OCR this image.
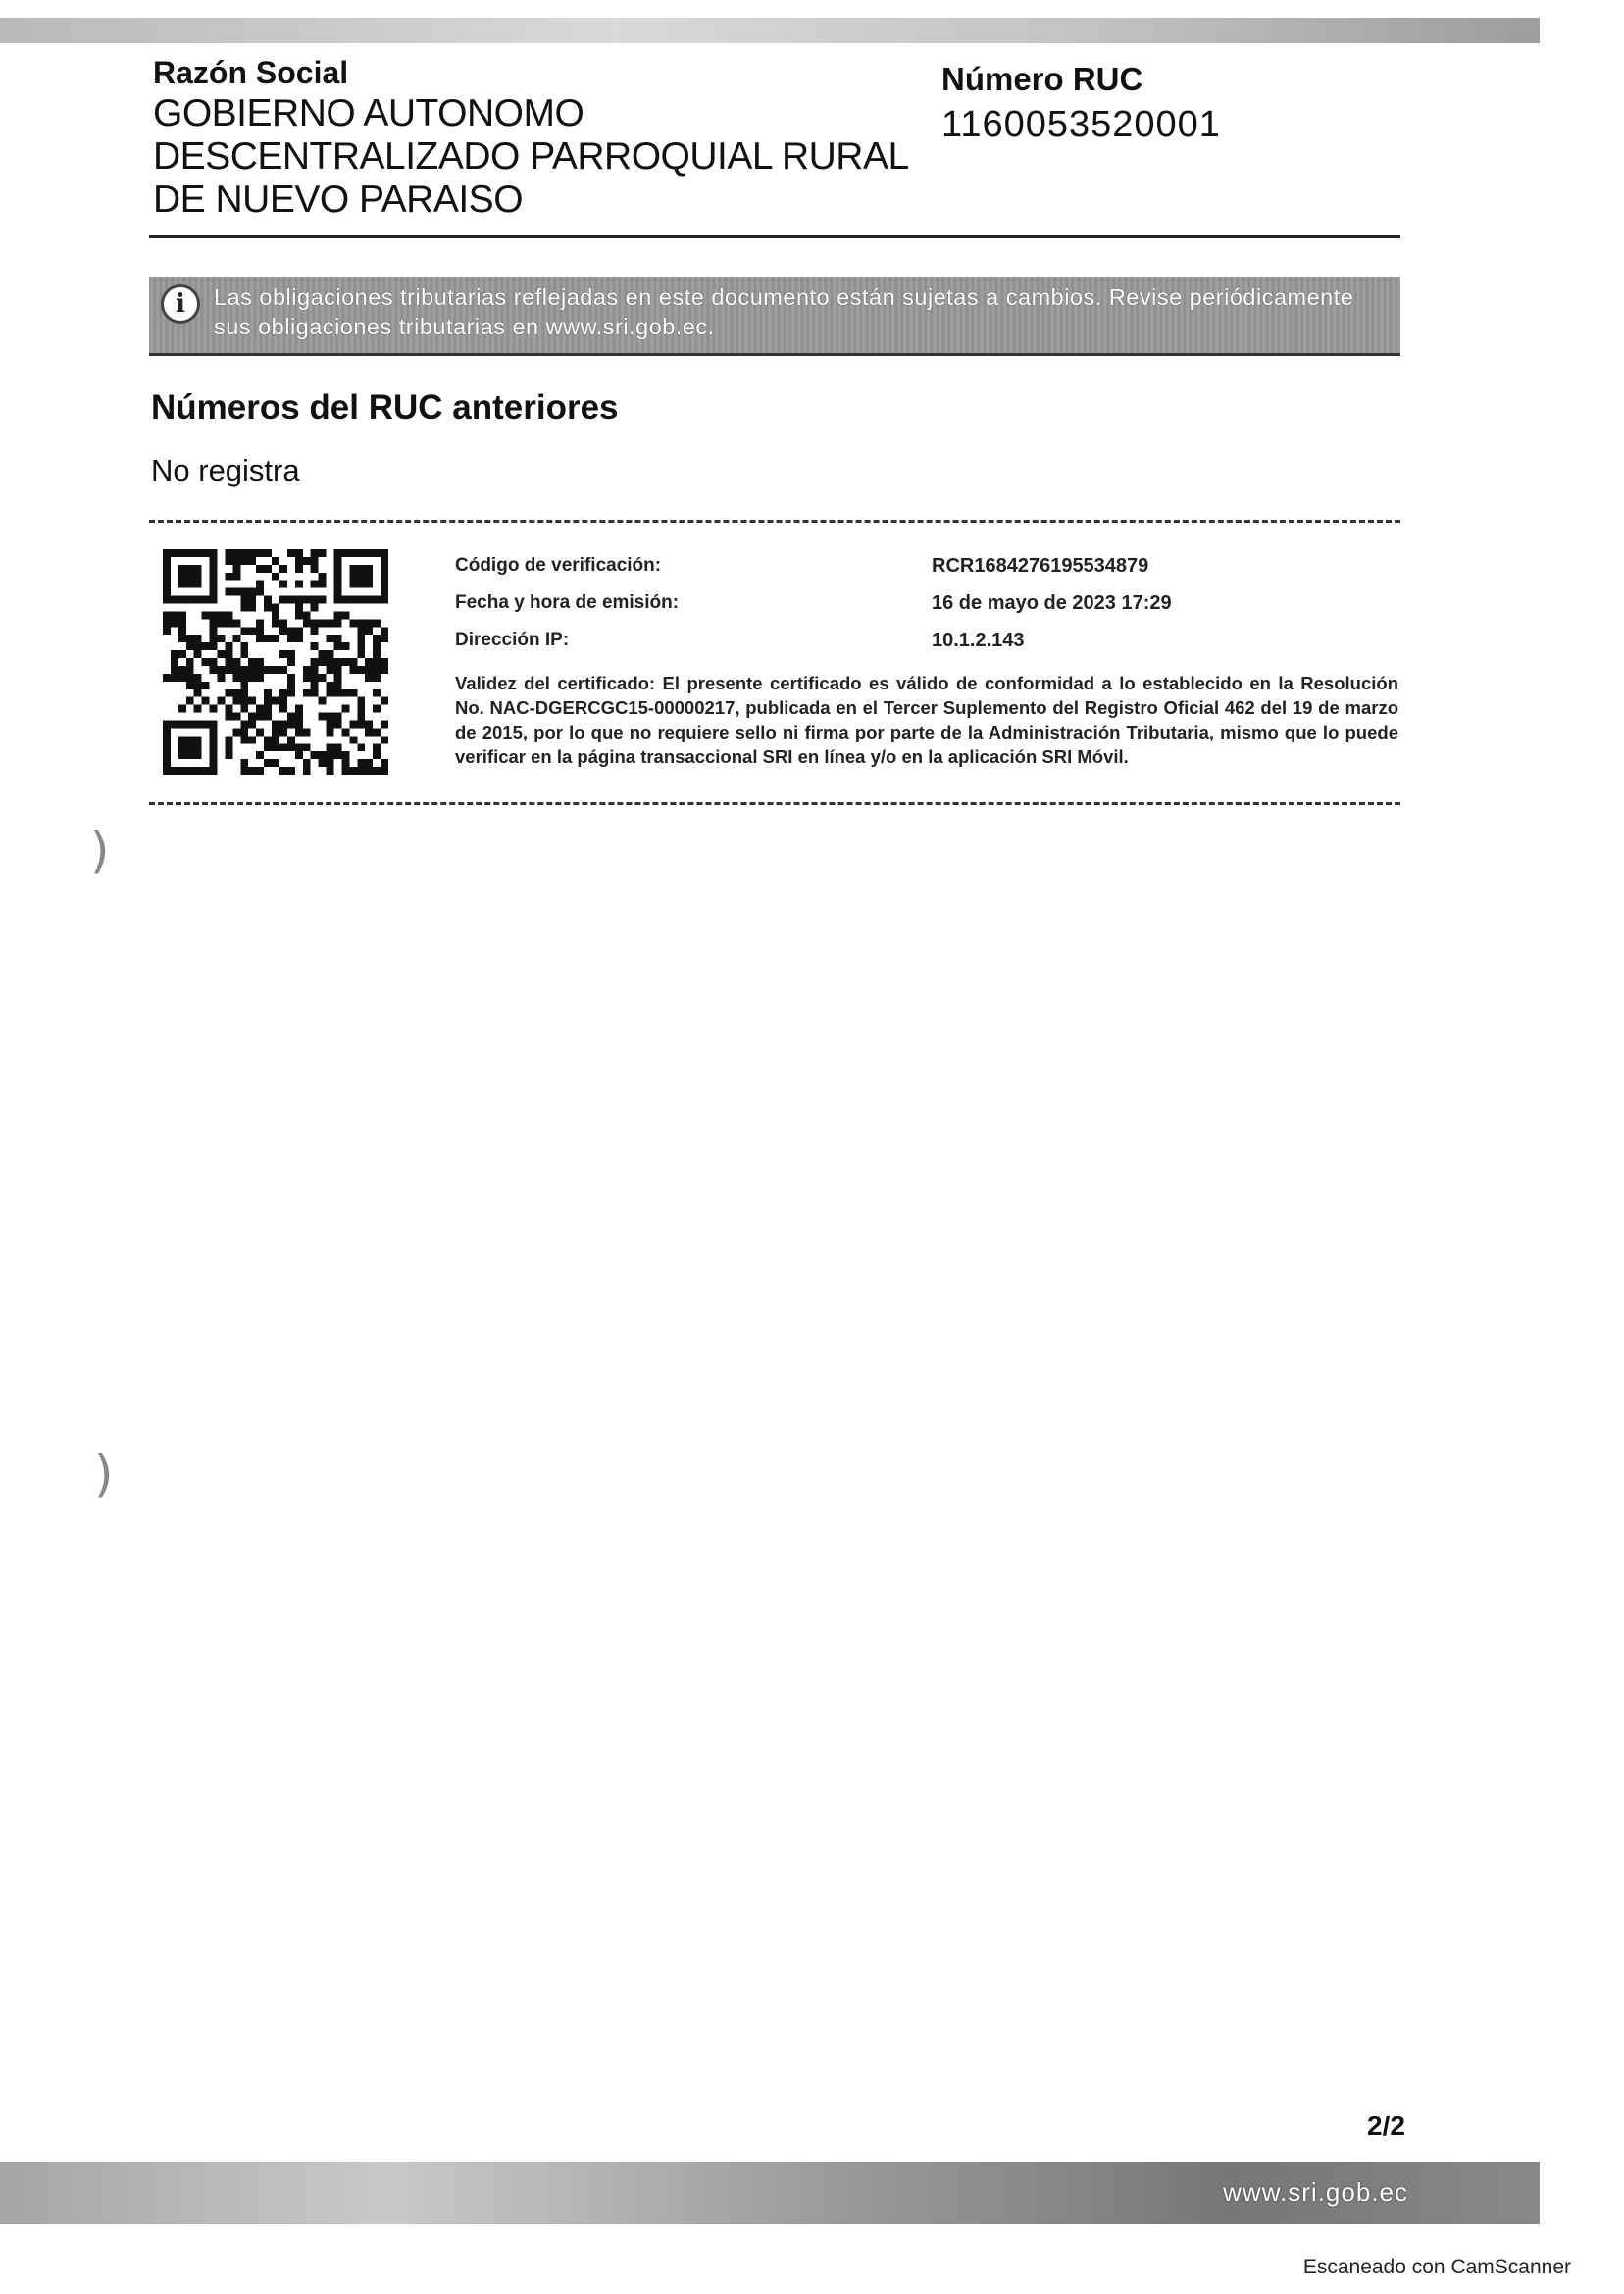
Razón Social
GOBIERNO AUTONOMO DESCENTRALIZADO PARROQUIAL RURAL DE NUEVO PARAISO
Número RUC
1160053520001
i	Las obligaciones tributarias reflejadas en este documento están sujetas a cambios. Revise periódicamente sus obligaciones tributarias en www.sri.gob.ec.
Números del RUC anteriores
No registra
Código de verificación:	RCR1684276195534879
Fecha y hora de emisión:	16 de mayo de 2023 17:29
Dirección IP:	10.1.2.143
Validez del certificado: El presente certificado es válido de conformidad a lo establecido en la Resolución No. NAC-DGERCGC15-00000217, publicada en el Tercer Suplemento del Registro Oficial 462 del 19 de marzo de 2015, por lo que no requiere sello ni firma por parte de la Administración Tributaria, mismo que lo puede verificar en la página transaccional SRI en línea y/o en la aplicación SRI Móvil.
)
)
2/2
www.sri.gob.ec
Escaneado con CamScanner
